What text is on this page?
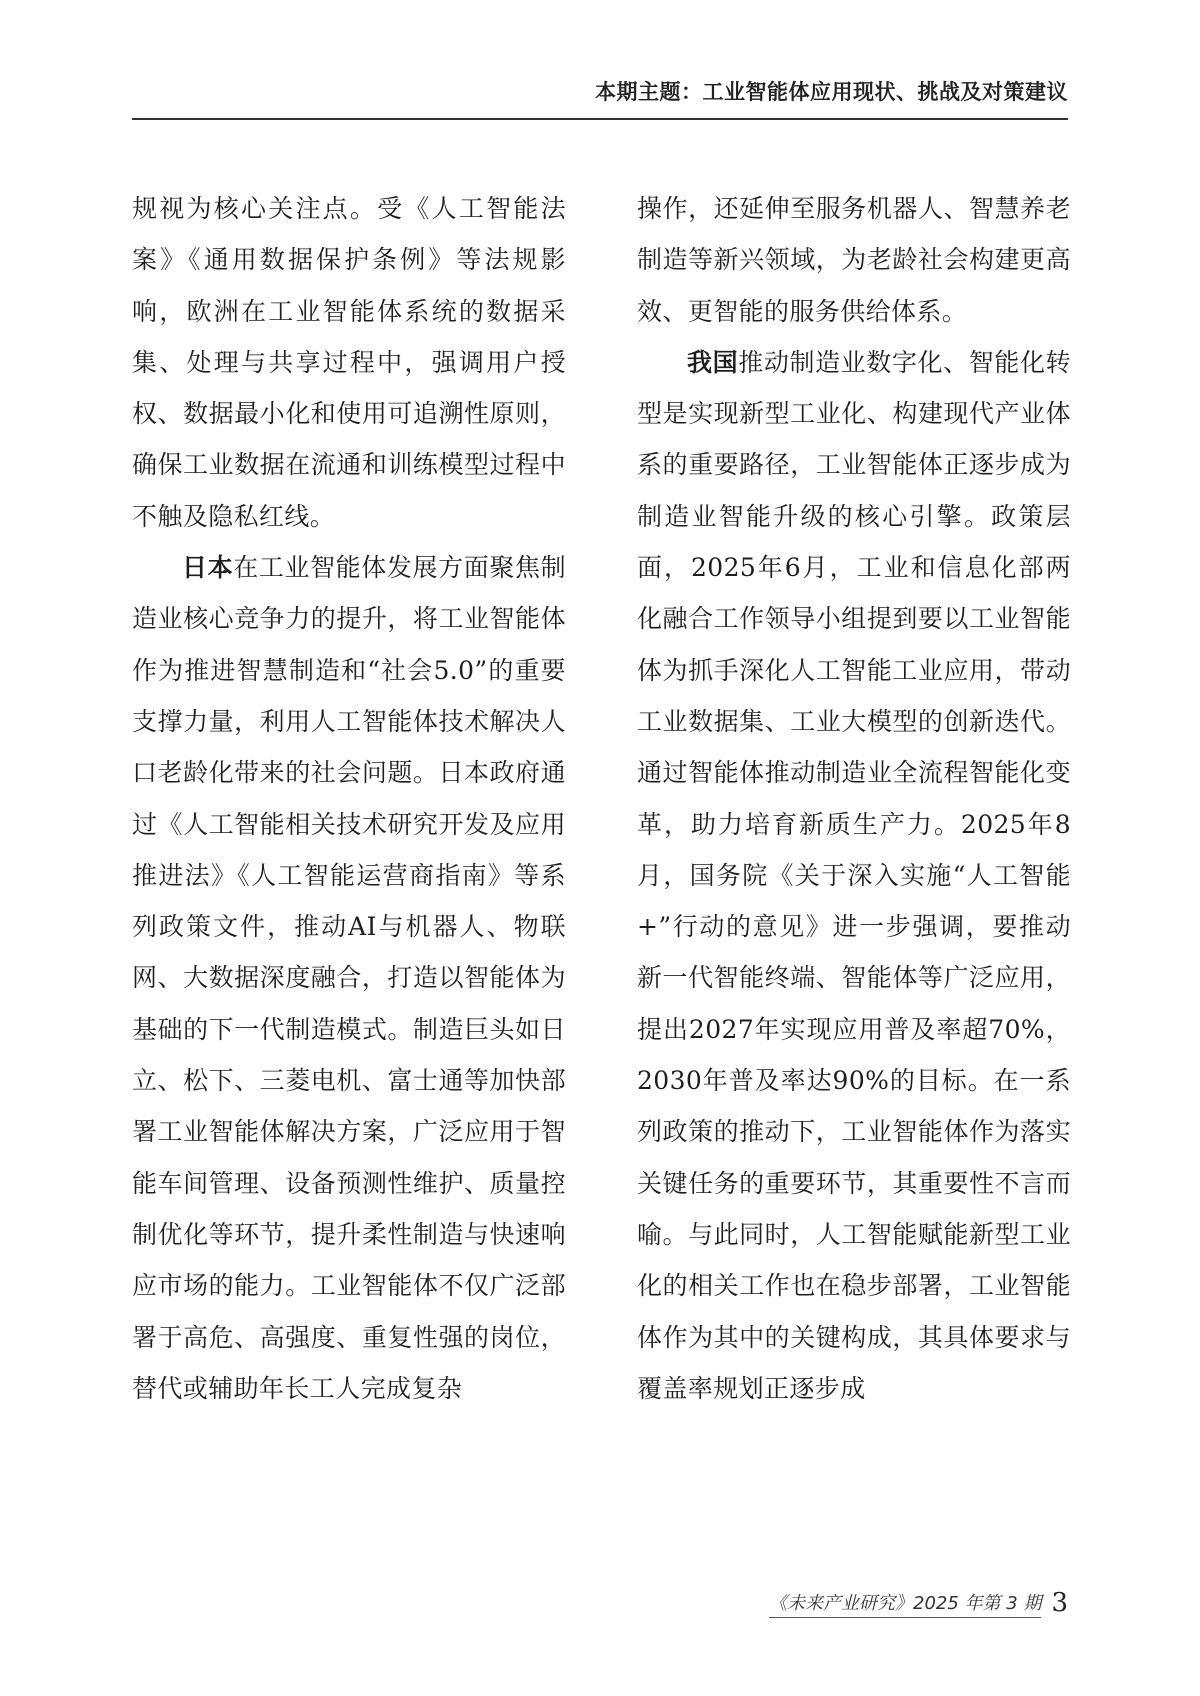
本期主题：工业智能体应用现状、挑战及对策建议

规视为核心关注点。受《人工智能法案》《通用数据保护条例》等法规影响，欧洲在工业智能体系统的数据采集、处理与共享过程中，强调用户授权、数据最小化和使用可追溯性原则，确保工业数据在流通和训练模型过程中不触及隐私红线。

日本在工业智能体发展方面聚焦制造业核心竞争力的提升，将工业智能体作为推进智慧制造和“社会5.0”的重要支撑力量，利用人工智能体技术解决人口老龄化带来的社会问题。日本政府通过《人工智能相关技术研究开发及应用推进法》《人工智能运营商指南》等系列政策文件，推动AI与机器人、物联网、大数据深度融合，打造以智能体为基础的下一代制造模式。制造巨头如日立、松下、三菱电机、富士通等加快部署工业智能体解决方案，广泛应用于智能车间管理、设备预测性维护、质量控制优化等环节，提升柔性制造与快速响应市场的能力。工业智能体不仅广泛部署于高危、高强度、重复性强的岗位，替代或辅助年长工人完成复杂

操作，还延伸至服务机器人、智慧养老制造等新兴领域，为老龄社会构建更高效、更智能的服务供给体系。

我国推动制造业数字化、智能化转型是实现新型工业化、构建现代产业体系的重要路径，工业智能体正逐步成为制造业智能升级的核心引擎。政策层面，2025年6月，工业和信息化部两化融合工作领导小组提到要以工业智能体为抓手深化人工智能工业应用，带动工业数据集、工业大模型的创新迭代。通过智能体推动制造业全流程智能化变革，助力培育新质生产力。2025年8月，国务院《关于深入实施“人工智能+”行动的意见》进一步强调，要推动新一代智能终端、智能体等广泛应用，提出2027年实现应用普及率超70%，2030年普及率达90%的目标。在一系列政策的推动下，工业智能体作为落实关键任务的重要环节，其重要性不言而喻。与此同时，人工智能赋能新型工业化的相关工作也在稳步部署，工业智能体作为其中的关键构成，其具体要求与覆盖率规划正逐步成

《未来产业研究》2025 年第 3 期 3
